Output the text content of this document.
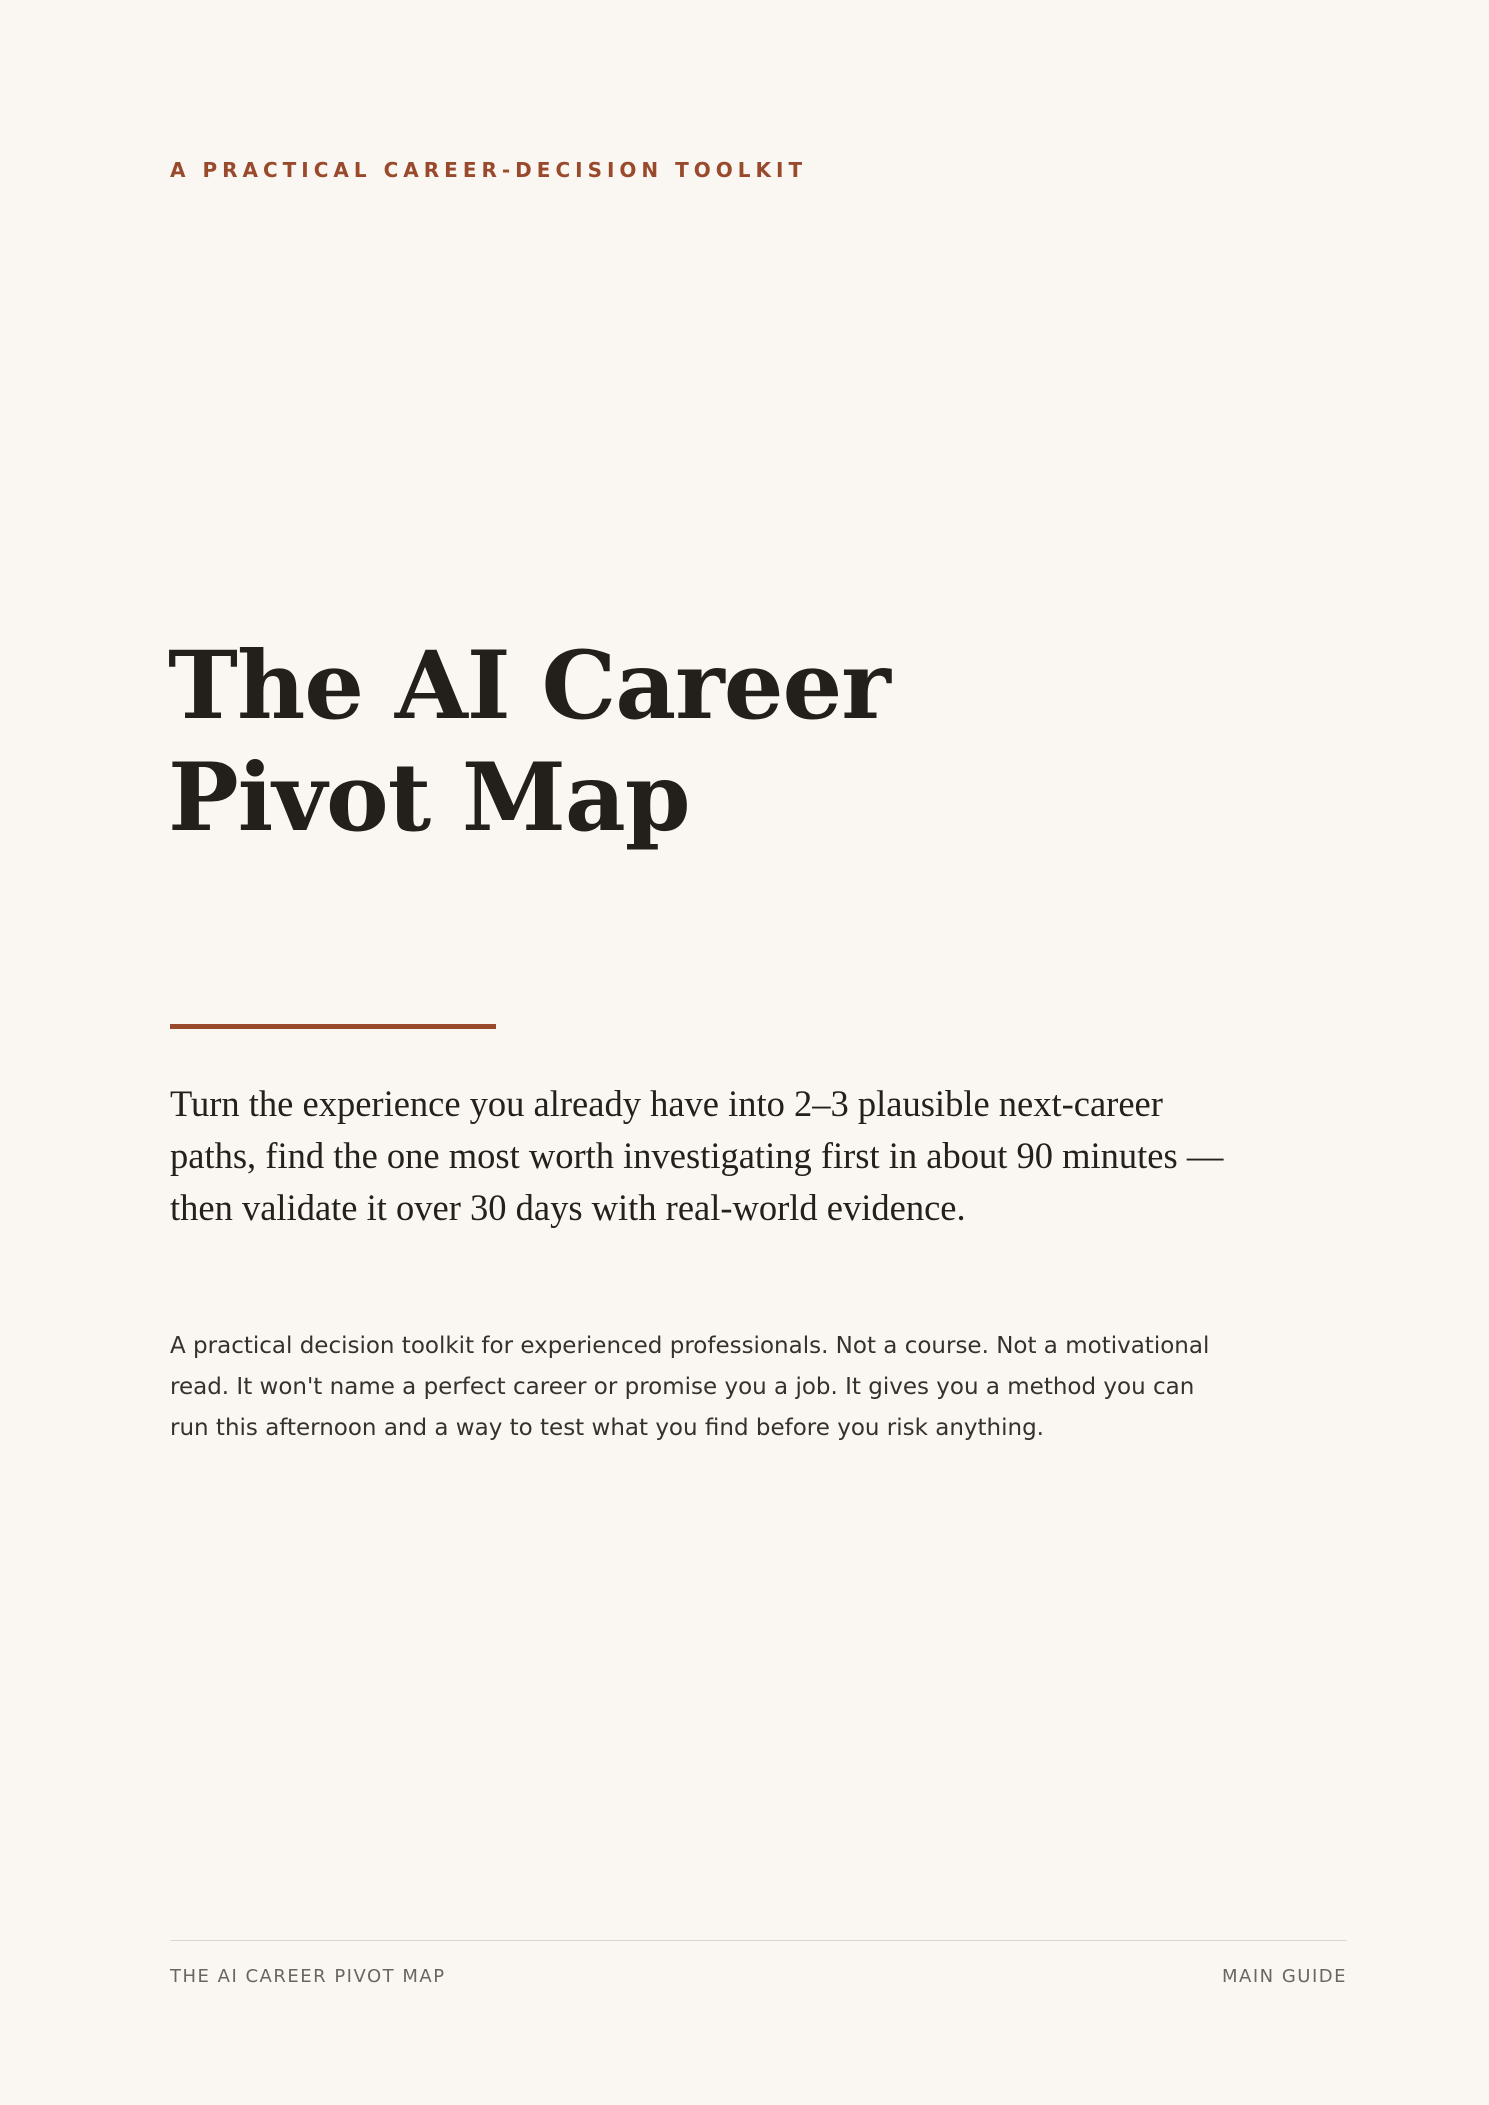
A PRACTICAL CAREER-DECISION TOOLKIT

The AI Career
Pivot Map

Turn the experience you already have into 2–3 plausible next-career paths, find the one most worth investigating first in about 90 minutes — then validate it over 30 days with real-world evidence.

A practical decision toolkit for experienced professionals. Not a course. Not a motivational read. It won't name a perfect career or promise you a job. It gives you a method you can run this afternoon and a way to test what you find before you risk anything.

THE AI CAREER PIVOT MAP	MAIN GUIDE
